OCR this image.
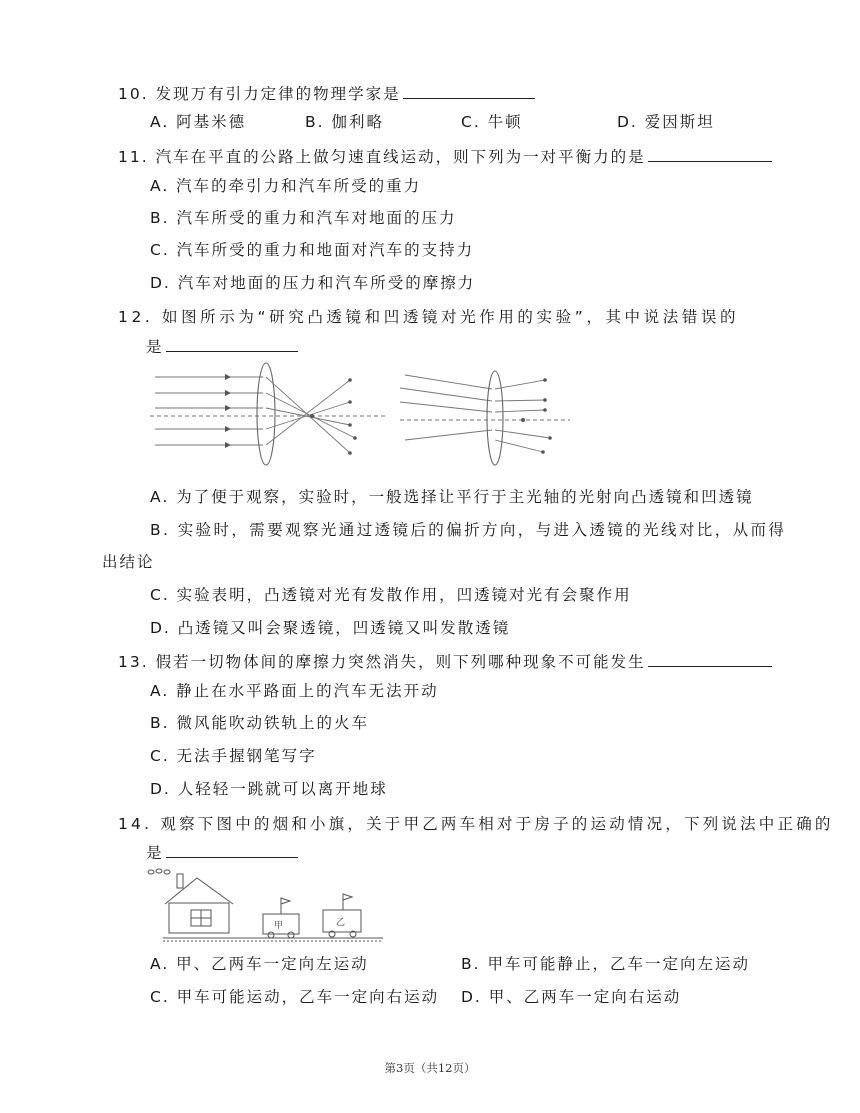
10. 发现万有引力定律的物理学家是
A. 阿基米德	B. 伽利略	C. 牛顿	D. 爱因斯坦
11. 汽车在平直的公路上做匀速直线运动，则下列为一对平衡力的是
A. 汽车的牵引力和汽车所受的重力
B. 汽车所受的重力和汽车对地面的压力
C. 汽车所受的重力和地面对汽车的支持力
D. 汽车对地面的压力和汽车所受的摩擦力
12. 如图所示为“研究凸透镜和凹透镜对光作用的实验”，其中说法错误的
是
A. 为了便于观察，实验时，一般选择让平行于主光轴的光射向凸透镜和凹透镜
B. 实验时，需要观察光通过透镜后的偏折方向，与进入透镜的光线对比，从而得
出结论
C. 实验表明，凸透镜对光有发散作用，凹透镜对光有会聚作用
D. 凸透镜又叫会聚透镜，凹透镜又叫发散透镜
13. 假若一切物体间的摩擦力突然消失，则下列哪种现象不可能发生
A. 静止在水平路面上的汽车无法开动
B. 微风能吹动铁轨上的火车
C. 无法手握钢笔写字
D. 人轻轻一跳就可以离开地球
14. 观察下图中的烟和小旗，关于甲乙两车相对于房子的运动情况，下列说法中正确的
是
甲	乙
A. 甲、乙两车一定向左运动	B. 甲车可能静止，乙车一定向左运动
C. 甲车可能运动，乙车一定向右运动 D. 甲、乙两车一定向右运动
第3页（共12页）
